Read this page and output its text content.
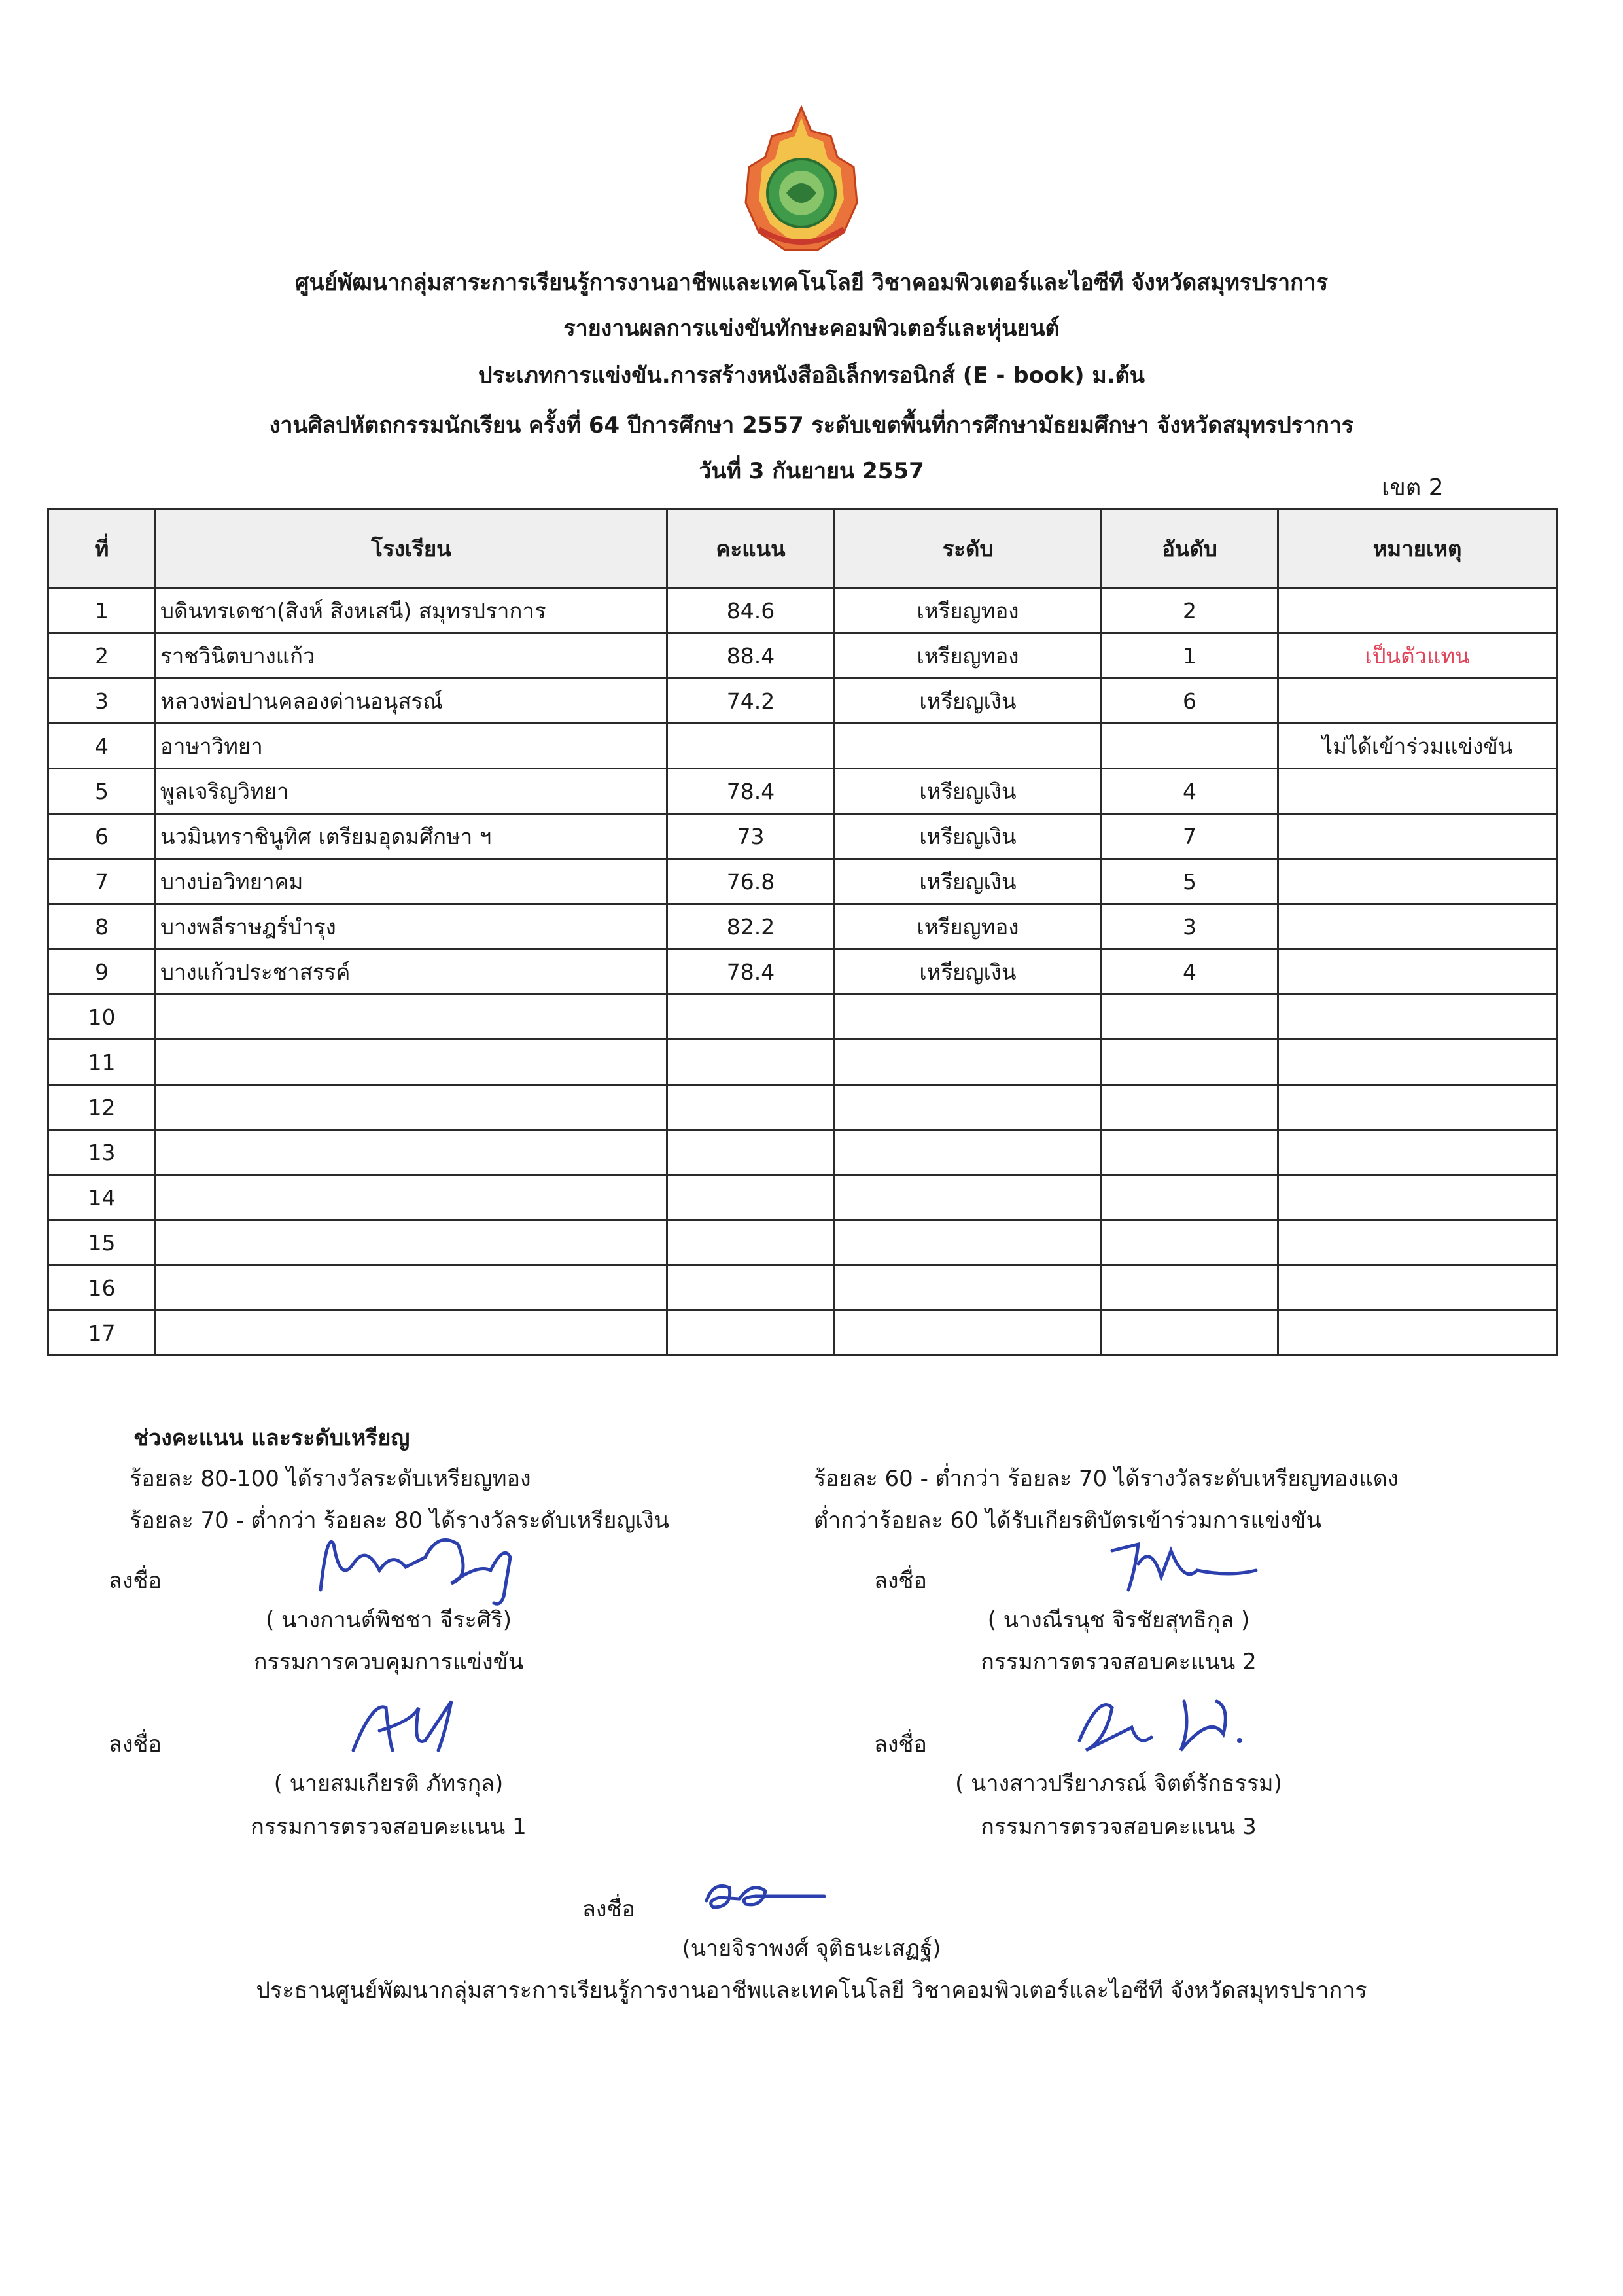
ศูนย์พัฒนากลุ่มสาระการเรียนรู้การงานอาชีพและเทคโนโลยี วิชาคอมพิวเตอร์และไอซีที จังหวัดสมุทรปราการ
รายงานผลการแข่งขันทักษะคอมพิวเตอร์และหุ่นยนต์
ประเภทการแข่งขัน.การสร้างหนังสืออิเล็กทรอนิกส์ (E - book) ม.ต้น
งานศิลปหัตถกรรมนักเรียน ครั้งที่ 64 ปีการศึกษา 2557 ระดับเขตพื้นที่การศึกษามัธยมศึกษา จังหวัดสมุทรปราการ
วันที่ 3 กันยายน 2557
เขต 2
ที่	โรงเรียน	คะแนน	ระดับ	อันดับ	หมายเหตุ
1	บดินทรเดชา(สิงห์ สิงหเสนี) สมุทรปราการ	84.6	เหรียญทอง	2	
2	ราชวินิตบางแก้ว	88.4	เหรียญทอง	1	เป็นตัวแทน
3	หลวงพ่อปานคลองด่านอนุสรณ์	74.2	เหรียญเงิน	6	
4	อาษาวิทยา				ไม่ได้เข้าร่วมแข่งขัน
5	พูลเจริญวิทยา	78.4	เหรียญเงิน	4	
6	นวมินทราชินูทิศ เตรียมอุดมศึกษา ฯ	73	เหรียญเงิน	7	
7	บางบ่อวิทยาคม	76.8	เหรียญเงิน	5	
8	บางพลีราษฎร์บำรุง	82.2	เหรียญทอง	3	
9	บางแก้วประชาสรรค์	78.4	เหรียญเงิน	4	
10					
11					
12					
13					
14					
15					
16					
17					
ช่วงคะแนน และระดับเหรียญ
ร้อยละ 80-100 ได้รางวัลระดับเหรียญทอง
ร้อยละ 70 - ต่ำกว่า ร้อยละ 80 ได้รางวัลระดับเหรียญเงิน
ร้อยละ 60 - ต่ำกว่า ร้อยละ 70 ได้รางวัลระดับเหรียญทองแดง
ต่ำกว่าร้อยละ 60 ได้รับเกียรติบัตรเข้าร่วมการแข่งขัน
ลงชื่อ
( นางกานต์พิชชา จีระศิริ)
กรรมการควบคุมการแข่งขัน
ลงชื่อ
( นางณีรนุช จิรชัยสุทธิกุล )
กรรมการตรวจสอบคะแนน 2
ลงชื่อ
( นายสมเกียรติ ภัทรกุล)
กรรมการตรวจสอบคะแนน 1
ลงชื่อ
( นางสาวปรียาภรณ์ จิตต์รักธรรม)
กรรมการตรวจสอบคะแนน 3
ลงชื่อ
(นายจิราพงศ์ จุติธนะเสฏฐ์)
ประธานศูนย์พัฒนากลุ่มสาระการเรียนรู้การงานอาชีพและเทคโนโลยี วิชาคอมพิวเตอร์และไอซีที จังหวัดสมุทรปราการ
